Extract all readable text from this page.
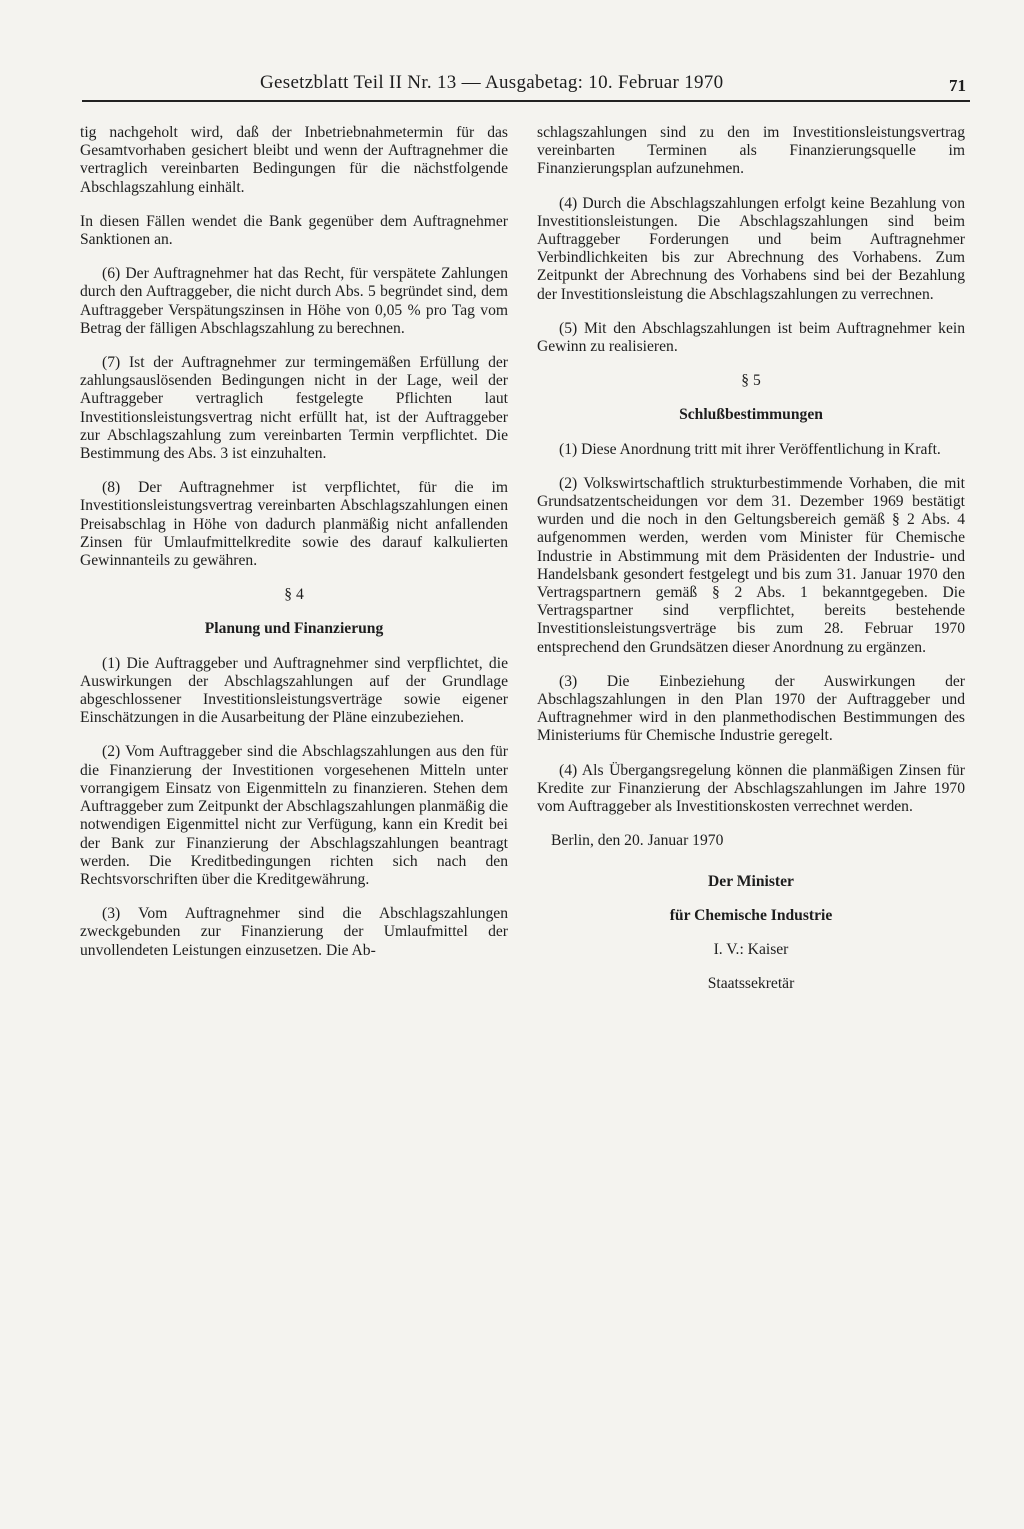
Gesetzblatt Teil II Nr. 13 — Ausgabetag: 10. Februar 1970	71

tig nachgeholt wird, daß der Inbetriebnahmetermin für das Gesamtvorhaben gesichert bleibt und wenn der Auftragnehmer die vertraglich vereinbarten Bedingungen für die nächstfolgende Abschlagszahlung einhält.

In diesen Fällen wendet die Bank gegenüber dem Auftragnehmer Sanktionen an.

(6) Der Auftragnehmer hat das Recht, für verspätete Zahlungen durch den Auftraggeber, die nicht durch Abs. 5 begründet sind, dem Auftraggeber Verspätungszinsen in Höhe von 0,05 % pro Tag vom Betrag der fälligen Abschlagszahlung zu berechnen.

(7) Ist der Auftragnehmer zur termingemäßen Erfüllung der zahlungsauslösenden Bedingungen nicht in der Lage, weil der Auftraggeber vertraglich festgelegte Pflichten laut Investitionsleistungsvertrag nicht erfüllt hat, ist der Auftraggeber zur Abschlagszahlung zum vereinbarten Termin verpflichtet. Die Bestimmung des Abs. 3 ist einzuhalten.

(8) Der Auftragnehmer ist verpflichtet, für die im Investitionsleistungsvertrag vereinbarten Abschlagszahlungen einen Preisabschlag in Höhe von dadurch planmäßig nicht anfallenden Zinsen für Umlaufmittelkredite sowie des darauf kalkulierten Gewinnanteils zu gewähren.

§ 4

Planung und Finanzierung

(1) Die Auftraggeber und Auftragnehmer sind verpflichtet, die Auswirkungen der Abschlagszahlungen auf der Grundlage abgeschlossener Investitionsleistungsverträge sowie eigener Einschätzungen in die Ausarbeitung der Pläne einzubeziehen.

(2) Vom Auftraggeber sind die Abschlagszahlungen aus den für die Finanzierung der Investitionen vorgesehenen Mitteln unter vorrangigem Einsatz von Eigenmitteln zu finanzieren. Stehen dem Auftraggeber zum Zeitpunkt der Abschlagszahlungen planmäßig die notwendigen Eigenmittel nicht zur Verfügung, kann ein Kredit bei der Bank zur Finanzierung der Abschlagszahlungen beantragt werden. Die Kreditbedingungen richten sich nach den Rechtsvorschriften über die Kreditgewährung.

(3) Vom Auftragnehmer sind die Abschlagszahlungen zweckgebunden zur Finanzierung der Umlaufmittel der unvollendeten Leistungen einzusetzen. Die Ab-

schlagszahlungen sind zu den im Investitionsleistungsvertrag vereinbarten Terminen als Finanzierungsquelle im Finanzierungsplan aufzunehmen.

(4) Durch die Abschlagszahlungen erfolgt keine Bezahlung von Investitionsleistungen. Die Abschlagszahlungen sind beim Auftraggeber Forderungen und beim Auftragnehmer Verbindlichkeiten bis zur Abrechnung des Vorhabens. Zum Zeitpunkt der Abrechnung des Vorhabens sind bei der Bezahlung der Investitionsleistung die Abschlagszahlungen zu verrechnen.

(5) Mit den Abschlagszahlungen ist beim Auftragnehmer kein Gewinn zu realisieren.

§ 5

Schlußbestimmungen

(1) Diese Anordnung tritt mit ihrer Veröffentlichung in Kraft.

(2) Volkswirtschaftlich strukturbestimmende Vorhaben, die mit Grundsatzentscheidungen vor dem 31. Dezember 1969 bestätigt wurden und die noch in den Geltungsbereich gemäß § 2 Abs. 4 aufgenommen werden, werden vom Minister für Chemische Industrie in Abstimmung mit dem Präsidenten der Industrie- und Handelsbank gesondert festgelegt und bis zum 31. Januar 1970 den Vertragspartnern gemäß § 2 Abs. 1 bekanntgegeben. Die Vertragspartner sind verpflichtet, bereits bestehende Investitionsleistungsverträge bis zum 28. Februar 1970 entsprechend den Grundsätzen dieser Anordnung zu ergänzen.

(3) Die Einbeziehung der Auswirkungen der Abschlagszahlungen in den Plan 1970 der Auftraggeber und Auftragnehmer wird in den planmethodischen Bestimmungen des Ministeriums für Chemische Industrie geregelt.

(4) Als Übergangsregelung können die planmäßigen Zinsen für Kredite zur Finanzierung der Abschlagszahlungen im Jahre 1970 vom Auftraggeber als Investitionskosten verrechnet werden.

Berlin, den 20. Januar 1970

Der Minister

für Chemische Industrie

I. V.: Kaiser

Staatssekretär
